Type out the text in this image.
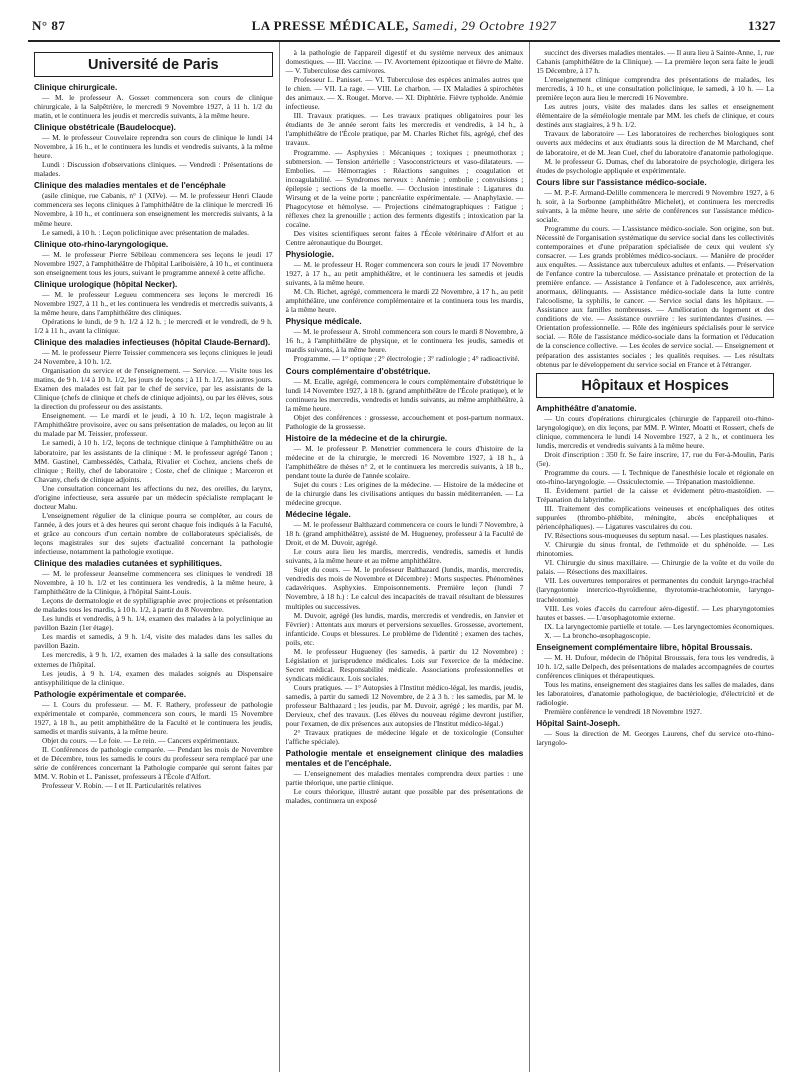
N° 87	LA PRESSE MÉDICALE, Samedi, 29 Octobre 1927	1327
Université de Paris

Clinique chirurgicale.

— M. le professeur A. Gosset commencera son cours de clinique chirurgicale, à la Salpêtrière, le mercredi 9 Novembre 1927, à 11 h. 1/2 du matin, et le continuera les jeudis et mercredis suivants, à la même heure.

Clinique obstétricale (Baudelocque).

— M. le professeur Couvelaire reprendra son cours de clinique le lundi 14 Novembre, à 16 h., et le continuera les lundis et vendredis suivants, à la même heure.

Lundi : Discussion d'observations cliniques. — Vendredi : Présentations de malades.

Clinique des maladies mentales et de l'encéphale

(asile clinique, rue Cabanis, n° 1 (XIVe). — M. le professeur Henri Claude commencera ses leçons cliniques à l'amphithéâtre de la clinique le mercredi 16 Novembre, à 10 h., et continuera son enseignement les mercredis suivants, à la même heure.

Le samedi, à 10 h. : Leçon policlinique avec présentation de malades.

Clinique oto-rhino-laryngologique.

— M. le professeur Pierre Sébileau commencera ses leçons le jeudi 17 Novembre 1927, à l'amphithéâtre de l'hôpital Lariboisière, à 10 h., et continuera son enseignement tous les jours, suivant le programme annexé à cette affiche.

Clinique urologique (hôpital Necker).

— M. le professeur Legueu commencera ses leçons le mercredi 16 Novembre 1927, à 11 h., et les continuera les vendredis et mercredis suivants, à la même heure, dans l'amphithéâtre des cliniques.

Opérations le lundi, de 9 h. 1/2 à 12 h. ; le mercredi et le vendredi, de 9 h. 1/2 à 11 h., avant la clinique.

Clinique des maladies infectieuses (hôpital Claude-Bernard).

— M. le professeur Pierre Teissier commencera ses leçons cliniques le jeudi 24 Novembre, à 10 h. 1/2.

Organisation du service et de l'enseignement. — Service. — Visite tous les matins, de 9 h. 1/4 à 10 h. 1/2, les jours de leçons ; à 11 h. 1/2, les autres jours. Examen des malades est fait par le chef de service, par les assistants de la Clinique (chefs de clinique et chefs de clinique adjoints), ou par les élèves, sous la direction du professeur ou des assistants.

Enseignement. — Le mardi et le jeudi, à 10 h. 1/2, leçon magistrale à l'Amphithéâtre provisoire, avec ou sans présentation de malades, ou leçon au lit du malade par M. Teissier, professeur.

Le samedi, à 10 h. 1/2, leçons de technique clinique à l'amphithéâtre ou au laboratoire, par les assistants de la clinique : M. le professeur agrégé Tanon ; MM. Gastinel, Cambessédès, Cathala, Rivalier et Cochez, anciens chefs de clinique ; Reilly, chef de laboratoire ; Coste, chef de clinique ; Marceron et Chavany, chefs de clinique adjoints.

Une consultation concernant les affections du nez, des oreilles, du larynx, d'origine infectieuse, sera assurée par un médecin spécialiste remplaçant le docteur Mahu.

L'enseignement régulier de la clinique pourra se compléter, au cours de l'année, à des jours et à des heures qui seront chaque fois indiqués à la Faculté, et grâce au concours d'un certain nombre de collaborateurs spécialisés, de leçons magistrales sur des sujets d'actualité concernant la pathologie infectieuse, notamment la pathologie exotique.

Clinique des maladies cutanées et syphilitiques.

— M. le professeur Jeanselme commencera ses cliniques le vendredi 18 Novembre, à 10 h. 1/2 et les continuera les vendredis, à la même heure, à l'amphithéâtre de la Clinique, à l'hôpital Saint-Louis.

Leçons de dermatologie et de syphiligraphie avec projections et présentation de malades tous les mardis, à 10 h. 1/2, à partir du 8 Novembre.

Les lundis et vendredis, à 9 h. 1/4, examen des malades à la polyclinique au pavillon Bazin (1er étage).

Les mardis et samedis, à 9 h. 1/4, visite des malades dans les salles du pavillon Bazin.

Les mercredis, à 9 h. 1/2, examen des malades à la salle des consultations externes de l'hôpital.

Les jeudis, à 9 h. 1/4, examen des malades soignés au Dispensaire antisyphilitique de la clinique.

Pathologie expérimentale et comparée.

— I. Cours du professeur. — M. F. Rathery, professeur de pathologie expérimentale et comparée, commencera son cours, le mardi 15 Novembre 1927, à 18 h., au petit amphithéâtre de la Faculté et le continuera les jeudis, samedis et mardis suivants, à la même heure.

Objet du cours. — Le foie. — Le rein. — Cancers expérimentaux.

II. Conférences de pathologie comparée. — Pendant les mois de Novembre et de Décembre, tous les samedis le cours du professeur sera remplacé par une série de conférences concernant la Pathologie comparée qui seront faites par MM. V. Robin et L. Panisset, professeurs à l'École d'Alfort.

Professeur V. Robin. — I et II. Particularités relatives

à la pathologie de l'appareil digestif et du système nerveux des animaux domestiques. — III. Vaccine. — IV. Avortement épizootique et fièvre de Malte. — V. Tuberculose des carnivores.

Professeur L. Panisset. — VI. Tuberculose des espèces animales autres que le chien. — VII. La rage. — VIII. Le charbon. — IX Maladies à spirochètes des animaux. — X. Rouget. Morve. — XI. Diphtérie. Fièvre typhoïde. Anémie infectieuse.

III. Travaux pratiques. — Les travaux pratiques obligatoires pour les étudiants de 3e année seront faits les mercredis et vendredis, à 14 h., à l'amphithéâtre de l'École pratique, par M. Charles Richet fils, agrégé, chef des travaux.

Programme. — Asphyxies : Mécaniques ; toxiques ; pneumothorax ; submersion. — Tension artérielle : Vasoconstricteurs et vaso-dilatateurs. — Embolies. — Hémorragies : Réactions sanguines ; coagulation et incoagulabilité. — Syndromes nerveux : Anémie ; embolie ; convulsions ; épilepsie ; sections de la moelle. — Occlusion intestinale : Ligatures du Wirsung et de la veine porte ; pancréatite expérimentale. — Anaphylaxie. — Phagocytose et hémolyse. — Projections cinématographiques : Fatigue ; réflexes chez la grenouille ; action des ferments digestifs ; intoxication par la cocaïne.

Des visites scientifiques seront faites à l'École vétérinaire d'Alfort et au Centre aéronautique du Bourget.

Physiologie.

— M. le professeur H. Roger commencera son cours le jeudi 17 Novembre 1927, à 17 h., au petit amphithéâtre, et le continuera les samedis et jeudis suivants, à la même heure.

M. Ch. Richet, agrégé, commencera le mardi 22 Novembre, à 17 h., au petit amphithéâtre, une conférence complémentaire et la continuera tous les mardis, à la même heure.

Physique médicale.

— M. le professeur A. Strohl commencera son cours le mardi 8 Novembre, à 16 h., à l'amphithéâtre de physique, et le continuera les jeudis, samedis et mardis suivants, à la même heure.

Programme. — 1° optique ; 2° électrologie ; 3° radiologie ; 4° radioactivité.

Cours complémentaire d'obstétrique.

— M. Ecalle, agrégé, commencera le cours complémentaire d'obstétrique le lundi 14 Novembre 1927, à 18 h. (grand amphithéâtre de l'École pratique), et le continuera les mercredis, vendredis et lundis suivants, au même amphithéâtre, à la même heure.

Objet des conférences : grossesse, accouchement et post-partum normaux. Pathologie de la grossesse.

Histoire de la médecine et de la chirurgie.

— M. le professeur P. Menetrier commencera le cours d'histoire de la médecine et de la chirurgie, le mercredi 16 Novembre 1927, à 18 h., à l'amphithéâtre de thèses n° 2, et le continuera les mercredis suivants, à 18 h., pendant toute la durée de l'année scolaire.

Sujet du cours : Les origines de la médecine. — Histoire de la médecine et de la chirurgie dans les civilisations antiques du bassin méditerranéen. — La médecine grecque.

Médecine légale.

— M. le professeur Balthazard commencera ce cours le lundi 7 Novembre, à 18 h. (grand amphithéâtre), assisté de M. Hugueney, professeur à la Faculté de Droit, et de M. Duvoir, agrégé.

Le cours aura lieu les mardis, mercredis, vendredis, samedis et lundis suivants, à la même heure et au même amphithéâtre.

Sujet du cours. — M. le professeur Balthazard (lundis, mardis, mercredis, vendredis des mois de Novembre et Décembre) : Morts suspectes. Phénomènes cadavériques. Asphyxies. Empoisonnements. Première leçon (lundi 7 Novembre, à 18 h.) : Le calcul des incapacités de travail résultant de blessures multiples ou successives.

M. Duvoir, agrégé (les lundis, mardis, mercredis et vendredis, en Janvier et Février) : Attentats aux mœurs et perversions sexuelles. Grossesse, avortement, infanticide. Coups et blessures. Le problème de l'identité ; examen des taches, poils, etc.

M. le professeur Hugueney (les samedis, à partir du 12 Novembre) : Législation et jurisprudence médicales. Lois sur l'exercice de la médecine. Secret médical. Responsabilité médicale. Associations professionnelles et syndicats médicaux. Lois sociales.

Cours pratiques. — 1° Autopsies à l'Institut médico-légal, les mardis, jeudis, samedis, à partir du samedi 12 Novembre, de 2 à 3 h. : les samedis, par M. le professeur Balthazard ; les jeudis, par M. Duvoir, agrégé ; les mardis, par M. Dervieux, chef des travaux. (Les élèves du nouveau régime devront justifier, pour l'examen, de dix présences aux autopsies de l'Institut médico-légal.)

2° Travaux pratiques de médecine légale et de toxicologie (Consulter l'affiche spéciale).

Pathologie mentale et enseignement clinique des maladies mentales et de l'encéphale.

— L'enseignement des maladies mentales comprendra deux parties : une partie théorique, une partie clinique.

Le cours théorique, illustré autant que possible par des présentations de malades, continuera un exposé

succinct des diverses maladies mentales. — Il aura lieu à Sainte-Anne, 1, rue Cabanis (amphithéâtre de la Clinique). — La première leçon sera faite le jeudi 15 Décembre, à 17 h.

L'enseignement clinique comprendra des présentations de malades, les mercredis, à 10 h., et une consultation policlinique, le samedi, à 10 h. — La première leçon aura lieu le mercredi 16 Novembre.

Les autres jours, visite des malades dans les salles et enseignement élémentaire de la séméiologie mentale par MM. les chefs de clinique, et cours destinés aux stagiaires, à 9 h. 1/2.

Travaux de laboratoire — Les laboratoires de recherches biologiques sont ouverts aux médecins et aux étudiants sous la direction de M Marchand, chef de laboratoire, et de M. Jean Cuel, chef du laboratoire d'anatomie pathologique.

M. le professeur G. Dumas, chef du laboratoire de psychologie, dirigera les études de psychologie appliquée et expérimentale.

Cours libre sur l'assistance médico-sociale.

— M. P.-F. Armand-Delille commencera le mercredi 9 Novembre 1927, à 6 h. soir, à la Sorbonne (amphithéâtre Michelet), et continuera les mercredis suivants, à la même heure, une série de conférences sur l'assistance médico-sociale.

Programme du cours. — L'assistance médico-sociale. Son origine, son but. Nécessité de l'organisation systématique du service social dans les collectivités contemporaines et d'une préparation spécialisée de ceux qui veulent s'y consacrer. — Les grands problèmes médico-sociaux. — Manière de procéder aux enquêtes. — Assistance aux tuberculeux adultes et enfants. — Préservation de l'enfance contre la tuberculose. — Assistance prénatale et protection de la première enfance. — Assistance à l'enfance et à l'adolescence, aux arriérés, anormaux, délinquants. — Assistance médico-sociale dans la lutte contre l'alcoolisme, la syphilis, le cancer. — Service social dans les hôpitaux. — Assistance aux familles nombreuses. — Amélioration du logement et des conditions de vie. — Assistance ouvrière : les surintendantes d'usines. — Orientation professionnelle. — Rôle des ingénieurs spécialisés pour le service social. — Rôle de l'assistance médico-sociale dans la formation et l'éducation de la conscience collective. — Les écoles de service social. — Enseignement et préparation des assistantes sociales ; les qualités requises. — Les résultats obtenus par le développement du service social en France et à l'étranger.

Hôpitaux et Hospices

Amphithéâtre d'anatomie.

— Un cours d'opérations chirurgicales (chirurgie de l'appareil oto-rhino-laryngologique), en dix leçons, par MM. P. Winter, Moatti et Rossert, chefs de clinique, commencera le lundi 14 Novembre 1927, à 2 h., et continuera les lundis, mercredis et vendredis suivants à la même heure.

Droit d'inscription : 350 fr. Se faire inscrire, 17, rue du Fer-à-Moulin, Paris (5e).

Programme du cours. — I. Technique de l'anesthésie locale et régionale en oto-rhino-laryngologie. — Ossiculectomie. — Trépanation mastoïdienne.

II. Évidement partiel de la caisse et évidement pétro-mastoïdien. — Trépanation du labyrinthe.

III. Traitement des complications veineuses et encéphaliques des otites suppurées (thrombo-phlébite, méningite, abcès encéphaliques et périencéphaliques). — Ligatures vasculaires du cou.

IV. Résections sous-muqueuses du septum nasal. — Les plastiques nasales.

V. Chirurgie du sinus frontal, de l'ethmoïde et du sphénoïde. — Les rhinotomies.

VI. Chirurgie du sinus maxillaire. — Chirurgie de la voûte et du voile du palais. — Résections des maxillaires.

VII. Les ouvertures temporaires et permanentes du conduit laryngo-trachéal (laryngotomie intercrico-thyroïdienne, thyrotomie-trachéotomie, laryngo-trachéotomie).

VIII. Les voies d'accès du carrefour aéro-digestif. — Les pharyngotomies hautes et basses. — L'œsophagotomie externe.

IX. La laryngectomie partielle et totale. — Les laryngectomies économiques.

X. — La broncho-œsophagoscopie.

Enseignement complémentaire libre, hôpital Broussais.

— M. H. Dufour, médecin de l'hôpital Broussais, fera tous les vendredis, à 10 h. 1/2, salle Delpech, des présentations de malades accompagnées de courtes conférences cliniques et thérapeutiques.

Tous les matins, enseignement des stagiaires dans les salles de malades, dans les laboratoires, d'anatomie pathologique, de bactériologie, d'électricité et de radiologie.

Première conférence le vendredi 18 Novembre 1927.

Hôpital Saint-Joseph.

— Sous la direction de M. Georges Laurens, chef du service oto-rhino-laryngolo-
